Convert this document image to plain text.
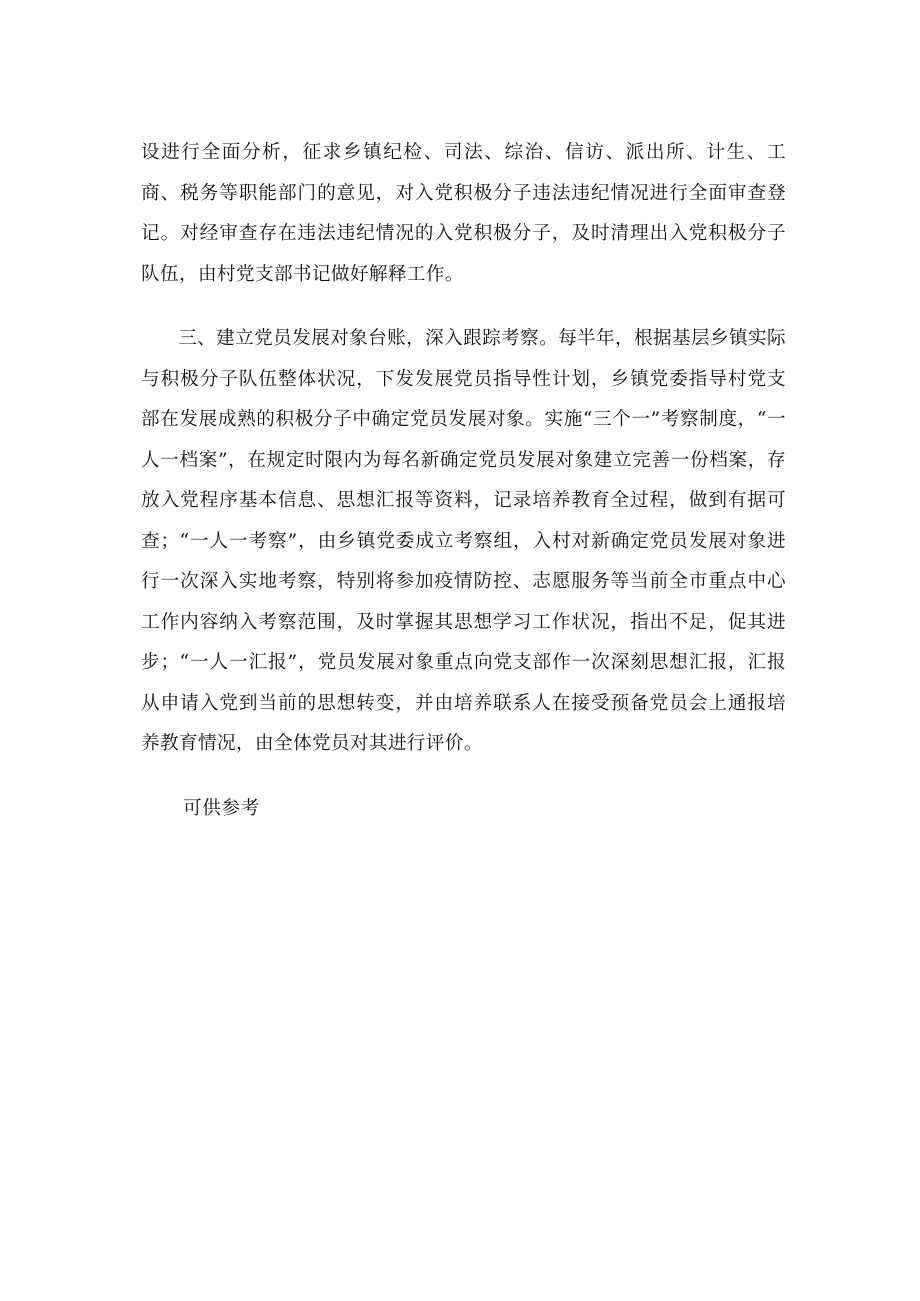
设进行全面分析，征求乡镇纪检、司法、综治、信访、派出所、计生、工商、税务等职能部门的意见，对入党积极分子违法违纪情况进行全面审查登记。对经审查存在违法违纪情况的入党积极分子，及时清理出入党积极分子队伍，由村党支部书记做好解释工作。

三、建立党员发展对象台账，深入跟踪考察。每半年，根据基层乡镇实际与积极分子队伍整体状况，下发发展党员指导性计划，乡镇党委指导村党支部在发展成熟的积极分子中确定党员发展对象。实施“三个一”考察制度，“一人一档案”，在规定时限内为每名新确定党员发展对象建立完善一份档案，存放入党程序基本信息、思想汇报等资料，记录培养教育全过程，做到有据可查；“一人一考察”，由乡镇党委成立考察组，入村对新确定党员发展对象进行一次深入实地考察，特别将参加疫情防控、志愿服务等当前全市重点中心工作内容纳入考察范围，及时掌握其思想学习工作状况，指出不足，促其进步；“一人一汇报”，党员发展对象重点向党支部作一次深刻思想汇报，汇报从申请入党到当前的思想转变，并由培养联系人在接受预备党员会上通报培养教育情况，由全体党员对其进行评价。

可供参考
